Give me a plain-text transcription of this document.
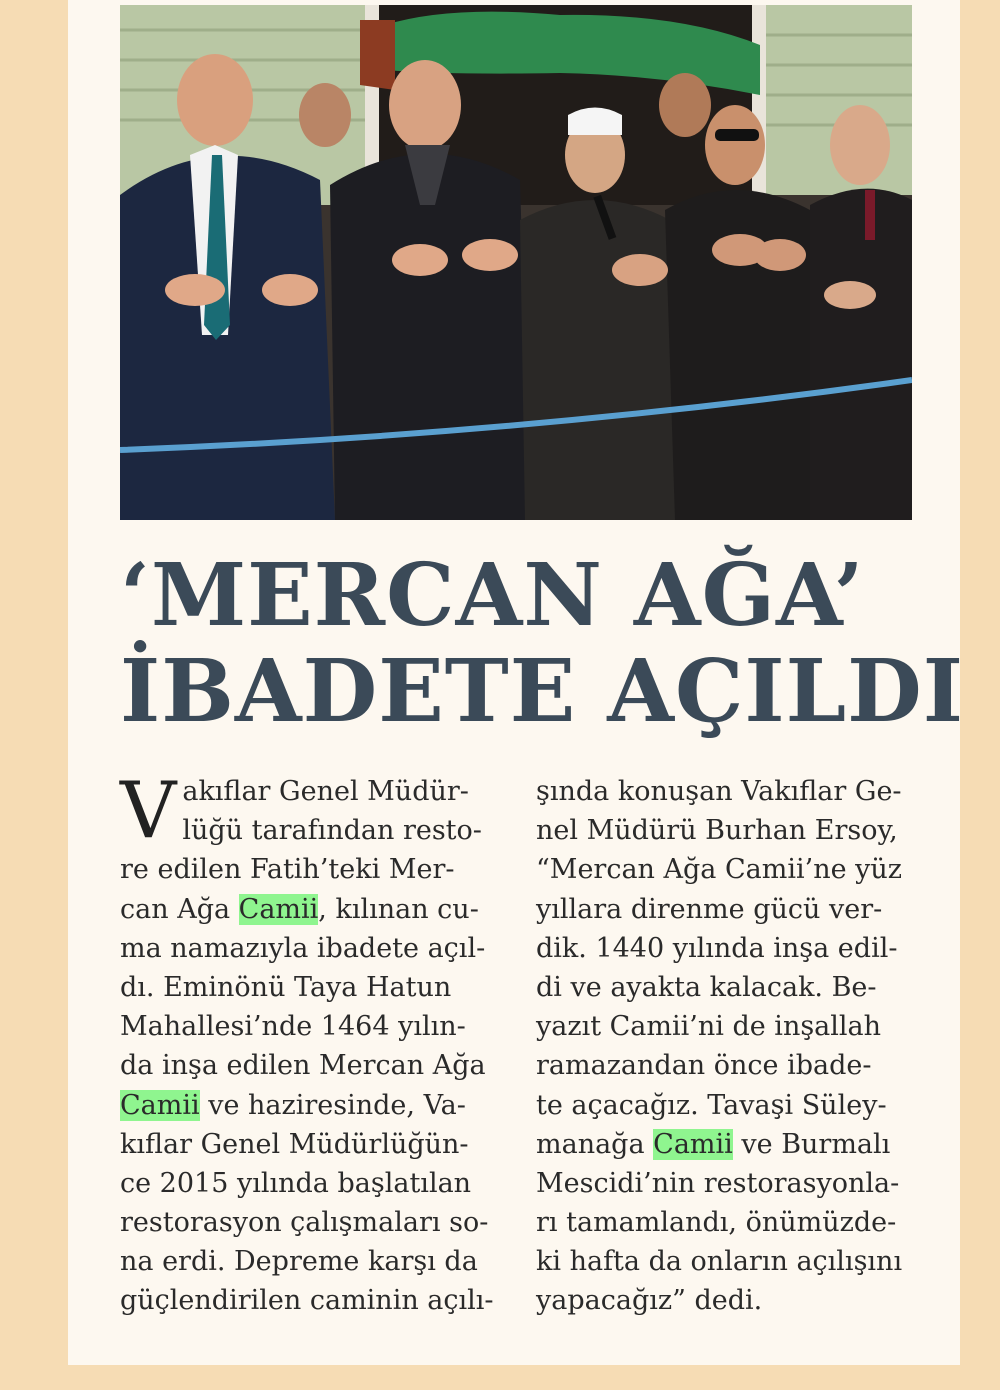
‘MERCAN AĞA’
İBADETE AÇILDI
V akıflar Genel Müdür-
lüğü tarafından resto-
re edilen Fatih’teki Mer-
can Ağa Camii, kılınan cu-
ma namazıyla ibadete açıl-
dı. Eminönü Taya Hatun
Mahallesi’nde 1464 yılın-
da inşa edilen Mercan Ağa
Camii ve haziresinde, Va-
kıflar Genel Müdürlüğün-
ce 2015 yılında başlatılan
restorasyon çalışmaları so-
na erdi. Depreme karşı da
güçlendirilen caminin açılı-
şında konuşan Vakıflar Ge-
nel Müdürü Burhan Ersoy,
“Mercan Ağa Camii’ne yüz
yıllara direnme gücü ver-
dik. 1440 yılında inşa edil-
di ve ayakta kalacak. Be-
yazıt Camii’ni de inşallah
ramazandan önce ibade-
te açacağız. Tavaşi Süley-
manağa Camii ve Burmalı
Mescidi’nin restorasyonla-
rı tamamlandı, önümüzde-
ki hafta da onların açılışını
yapacağız” dedi.
